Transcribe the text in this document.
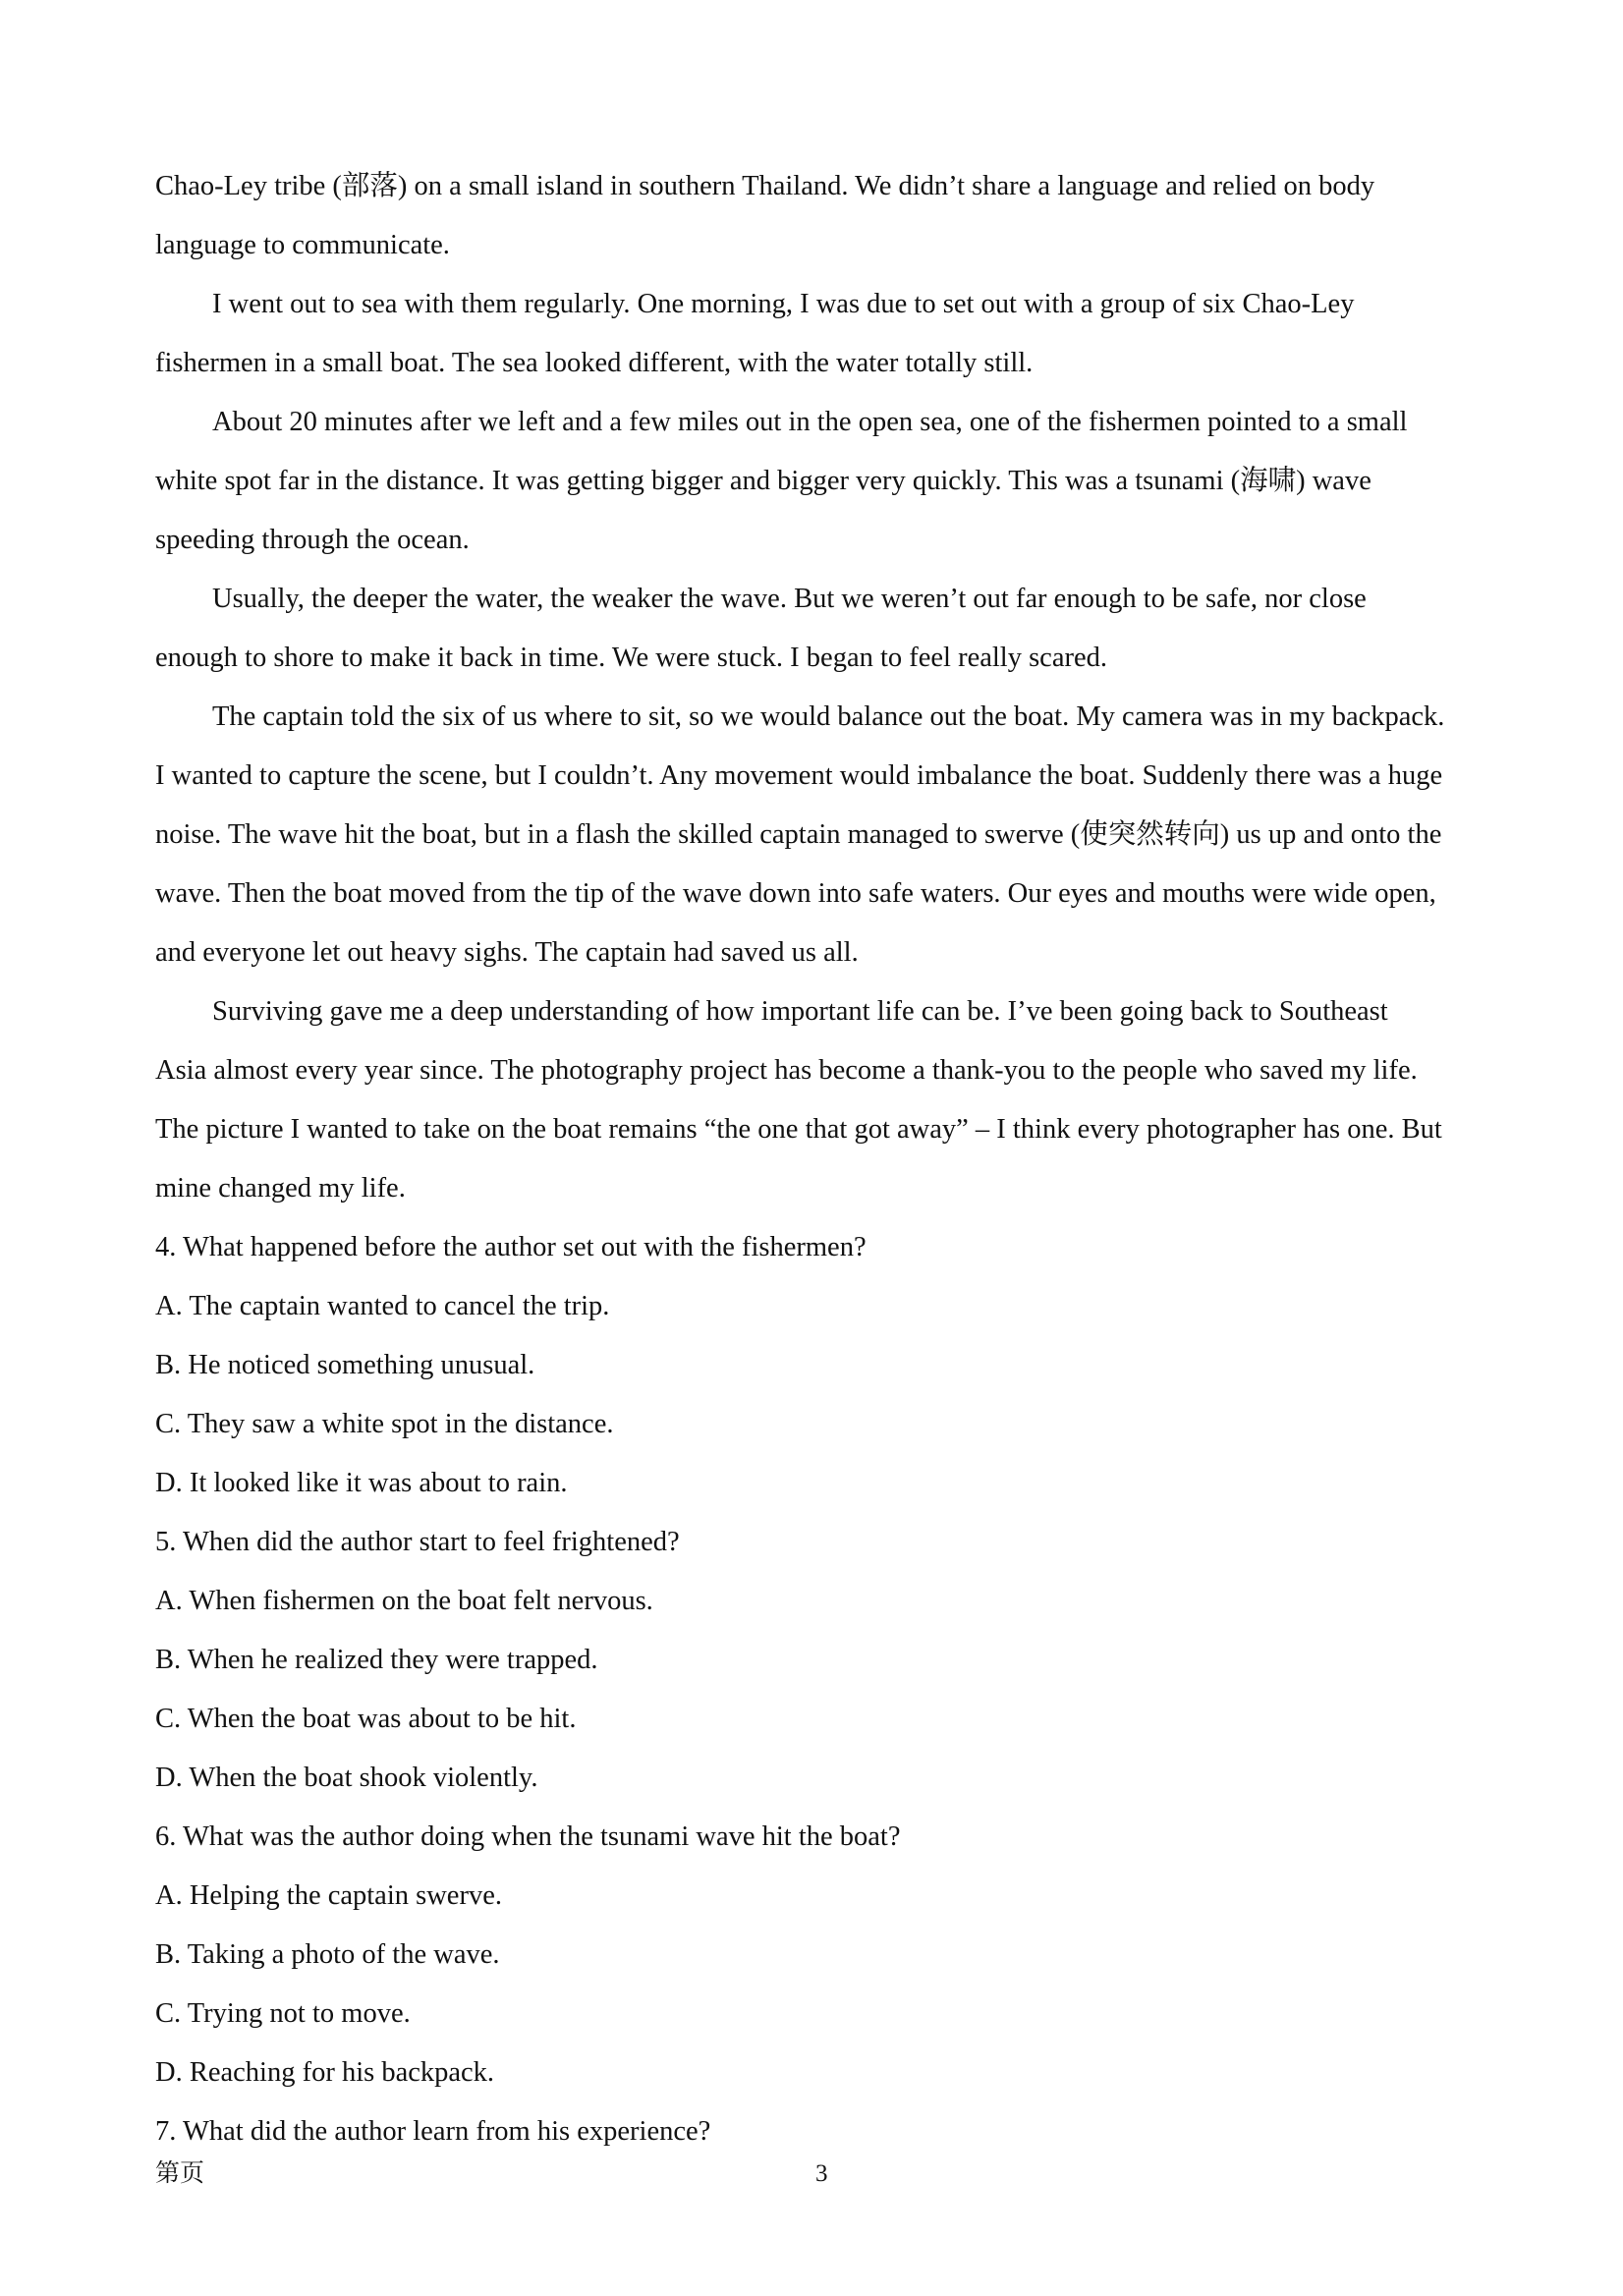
Chao-Ley tribe (部落) on a small island in southern Thailand. We didn’t share a language and relied on body

language to communicate.

I went out to sea with them regularly. One morning, I was due to set out with a group of six Chao-Ley

fishermen in a small boat. The sea looked different, with the water totally still.

About 20 minutes after we left and a few miles out in the open sea, one of the fishermen pointed to a small

white spot far in the distance. It was getting bigger and bigger very quickly. This was a tsunami (海啸) wave

speeding through the ocean.

Usually, the deeper the water, the weaker the wave. But we weren’t out far enough to be safe, nor close

enough to shore to make it back in time. We were stuck. I began to feel really scared.

The captain told the six of us where to sit, so we would balance out the boat. My camera was in my backpack.

I wanted to capture the scene, but I couldn’t. Any movement would imbalance the boat. Suddenly there was a huge

noise. The wave hit the boat, but in a flash the skilled captain managed to swerve (使突然转向) us up and onto the

wave. Then the boat moved from the tip of the wave down into safe waters. Our eyes and mouths were wide open,

and everyone let out heavy sighs. The captain had saved us all.

Surviving gave me a deep understanding of how important life can be. I’ve been going back to Southeast

Asia almost every year since. The photography project has become a thank-you to the people who saved my life.

The picture I wanted to take on the boat remains “the one that got away” – I think every photographer has one. But

mine changed my life.

4. What happened before the author set out with the fishermen?

A. The captain wanted to cancel the trip.

B. He noticed something unusual.

C. They saw a white spot in the distance.

D. It looked like it was about to rain.

5. When did the author start to feel frightened?

A. When fishermen on the boat felt nervous.

B. When he realized they were trapped.

C. When the boat was about to be hit.

D. When the boat shook violently.

6. What was the author doing when the tsunami wave hit the boat?

A. Helping the captain swerve.

B. Taking a photo of the wave.

C. Trying not to move.

D. Reaching for his backpack.

7. What did the author learn from his experience?

第页	3
